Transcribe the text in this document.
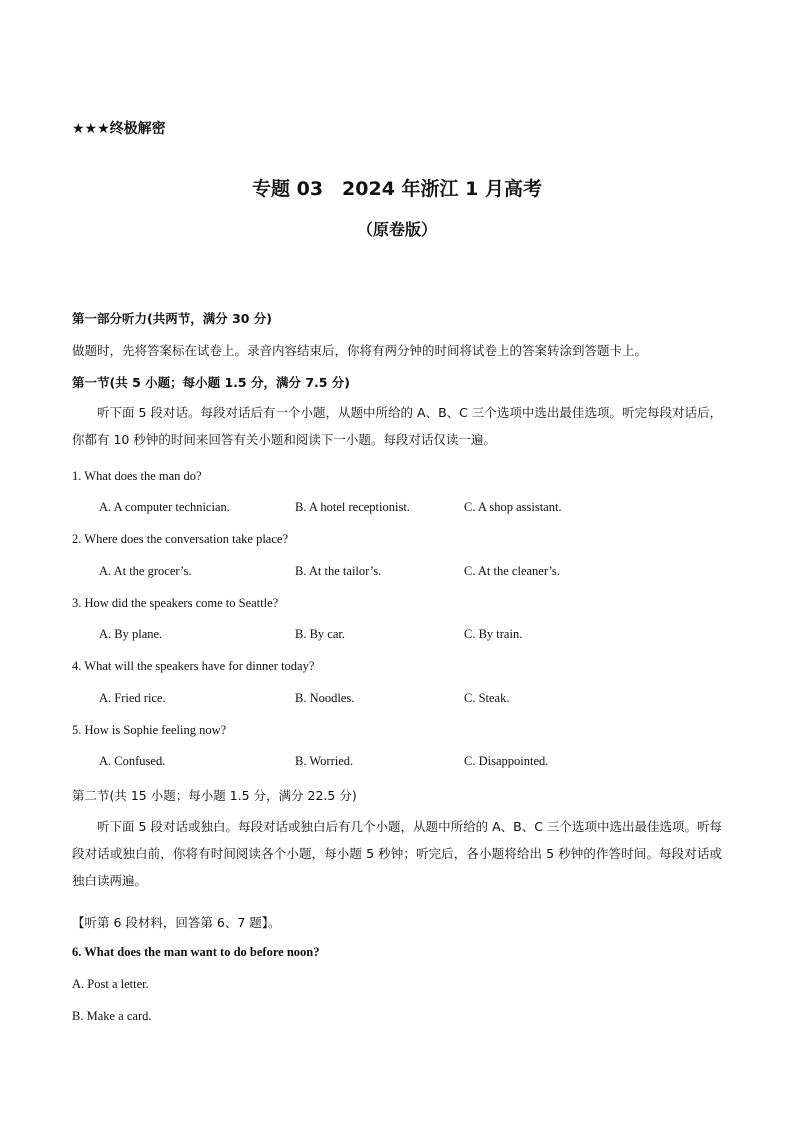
★★★终极解密
专题 03　2024 年浙江 1 月高考
（原卷版）
第一部分听力(共两节，满分 30 分)
做题时，先将答案标在试卷上。录音内容结束后，你将有两分钟的时间将试卷上的答案转涂到答题卡上。
第一节(共 5 小题；每小题 1.5 分，满分 7.5 分)
听下面 5 段对话。每段对话后有一个小题，从题中所给的 A、B、C 三个选项中选出最佳选项。听完每段对话后，你都有 10 秒钟的时间来回答有关小题和阅读下一小题。每段对话仅读一遍。
1. What does the man do?
A. A computer technician.	B. A hotel receptionist.	C. A shop assistant.
2. Where does the conversation take place?
A. At the grocer’s.	B. At the tailor’s.	C. At the cleaner’s.
3. How did the speakers come to Seattle?
A. By plane.	B. By car.	C. By train.
4. What will the speakers have for dinner today?
A. Fried rice.	B. Noodles.	C. Steak.
5. How is Sophie feeling now?
A. Confused.	B. Worried.	C. Disappointed.
第二节(共 15 小题；每小题 1.5 分，满分 22.5 分)
听下面 5 段对话或独白。每段对话或独白后有几个小题，从题中所给的 A、B、C 三个选项中选出最佳选项。听每段对话或独白前，你将有时间阅读各个小题，每小题 5 秒钟；听完后，各小题将给出 5 秒钟的作答时间。每段对话或独白读两遍。
【听第 6 段材料，回答第 6、7 题】。
6. What does the man want to do before noon?
A. Post a letter.
B. Make a card.
